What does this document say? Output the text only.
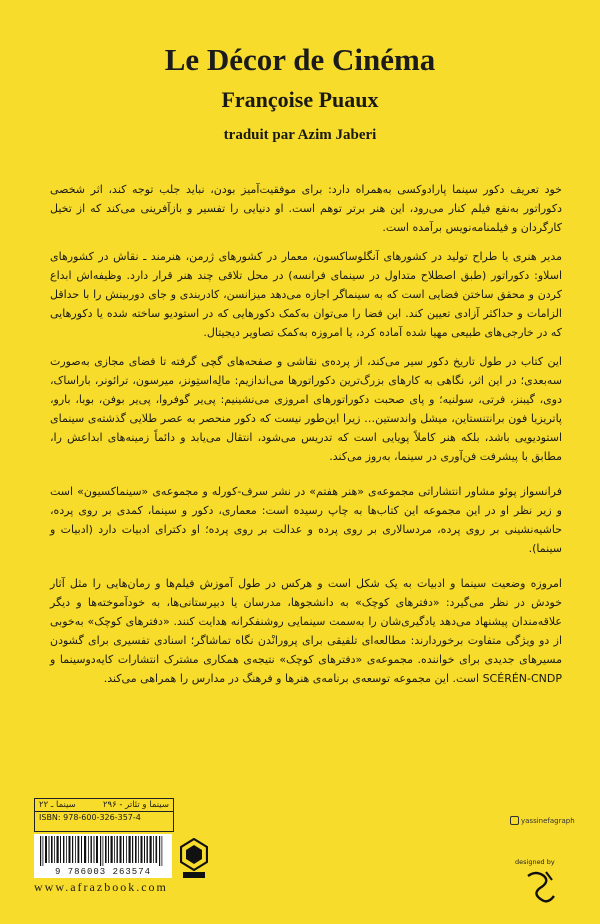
Le Décor de Cinéma
Françoise Puaux
traduit par Azim Jaberi

خود تعریف دکور سینما پارادوکسی به‌همراه دارد: برای موفقیت‌آمیز بودن، نباید جلب توجه کند، اثر شخصی دکوراتور به‌نفع فیلم کنار می‌رود، این هنر برتر توهم است. او دنیایی را تفسیر و بازآفرینی می‌کند که از تخیل کارگردان و فیلمنامه‌نویس برآمده است.

مدیر هنری یا طراح تولید در کشورهای آنگلوساکسون، معمار در کشورهای ژرمن، هنرمند ـ نقاش در کشورهای اسلاو: دکوراتور (طبق اصطلاح متداول در سینمای فرانسه) در محل تلاقی چند هنر قرار دارد. وظیفه‌اش ابداع کردن و محقق ساختن فضایی است که به سینماگر اجازه می‌دهد میزانسن، کادربندی و جای دوربینش را با حداقل الزامات و حداکثر آزادی تعیین کند. این فضا را می‌توان به‌کمک دکورهایی که در استودیو ساخته شده یا دکورهایی که در خارجی‌های طبیعی مهیا شده آماده کرد، یا امروزه به‌کمک تصاویر دیجیتال.

این کتاب در طول تاریخ دکور سیر می‌کند، از پرده‌ی نقاشی و صفحه‌های گچی گرفته تا فضای مجازی به‌صورت سه‌بعدی؛ در این اثر، نگاهی به کارهای بزرگ‌ترین دکوراتورها می‌اندازیم: مالِه‌استِونز، میرسون، ترائونر، باراساک، دوی، گیبنز، فرتی، سولنیه؛ و پای صحبت دکوراتورهای امروزی می‌نشینیم: پی‌یر گوفروا، پی‌یر بوفن، بوبا، بارو، پاتریزیا فون برانتنستاین، میشل واندستین… زیرا این‌طور نیست که دکور منحصر به عصر طلایی گذشته‌ی سینمای استودیویی باشد، بلکه هنر کاملاً پویایی است که تدریس می‌شود، انتقال می‌یابد و دائماً زمینه‌های ابداعش را، مطابق با پیشرفت فن‌آوری در سینما، به‌روز می‌کند.

فرانسواز پوئو مشاور انتشاراتی مجموعه‌ی «هنر هفتم» در نشر سرف-کورله و مجموعه‌ی «سینماکسیون» است و زیر نظر او در این مجموعه این کتاب‌ها به چاپ رسیده است: معماری، دکور و سینما، کمدی بر روی پرده، حاشیه‌نشینی بر روی پرده، مردسالاری بر روی پرده و عدالت بر روی پرده؛ او دکترای ادبیات دارد (ادبیات و سینما).

امروزه وضعیت سینما و ادبیات به یک شکل است و هرکس در طول آموزش فیلم‌ها و رمان‌هایی را مثل آثار خودش در نظر می‌گیرد: «دفترهای کوچک» به دانشجوها، مدرسان یا دبیرستانی‌ها، به خودآموخته‌ها و دیگر علاقه‌مندان پیشنهاد می‌دهد یادگیری‌شان را به‌سمت سینمایی روشنفکرانه هدایت کنند. «دفترهای کوچک» به‌خوبی از دو ویژگی متفاوت برخوردارند: مطالعه‌ای تلفیقی برای پرورانْدن نگاه تماشاگر؛ اسنادی تفسیری برای گشودن مسیرهای جدیدی برای خواننده. مجموعه‌ی «دفترهای کوچک» نتیجه‌ی همکاری مشترک انتشارات کایه‌دوسینما و SCÉRÉN-CNDP است. این مجموعه توسعه‌ی برنامه‌ی هنرها و فرهنگ در مدارس را همراهی می‌کند.

سینما و تئاتر - ۲۹۶
سینما ـ ۲۲
ISBN: 978-600-326-357-4
9 786003 263574
www.afrazbook.com
yassinefagraph
designed by
